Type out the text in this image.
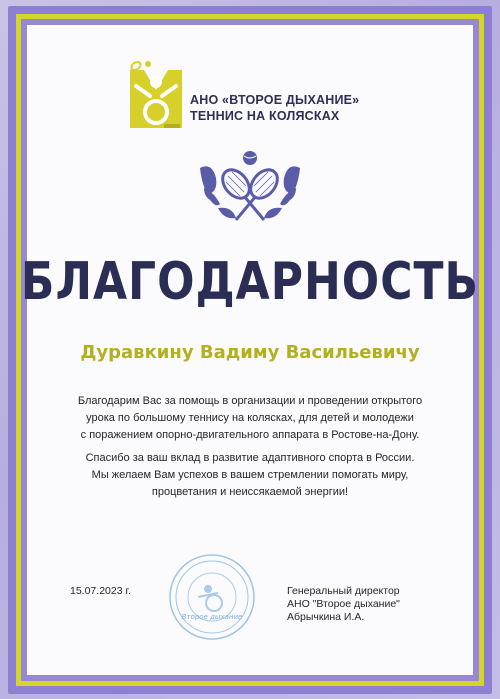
АНО «ВТОРОЕ ДЫХАНИЕ»
ТЕННИС НА КОЛЯСКАХ
БЛАГОДАРНОСТЬ
Дуравкину Вадиму Васильевичу
Благодарим Вас за помощь в организации и проведении открытого
урока по большому теннису на колясках, для детей и молодежи
с поражением опорно-двигательного аппарата в Ростове-на-Дону.
Спасибо за ваш вклад в развитие адаптивного спорта в России.
Мы желаем Вам успехов в вашем стремлении помогать миру,
процветания и неиссякаемой энергии!
15.07.2023 г.
Второе дыхание
Генеральный директор
АНО "Второе дыхание"
Абрычкина И.А.
